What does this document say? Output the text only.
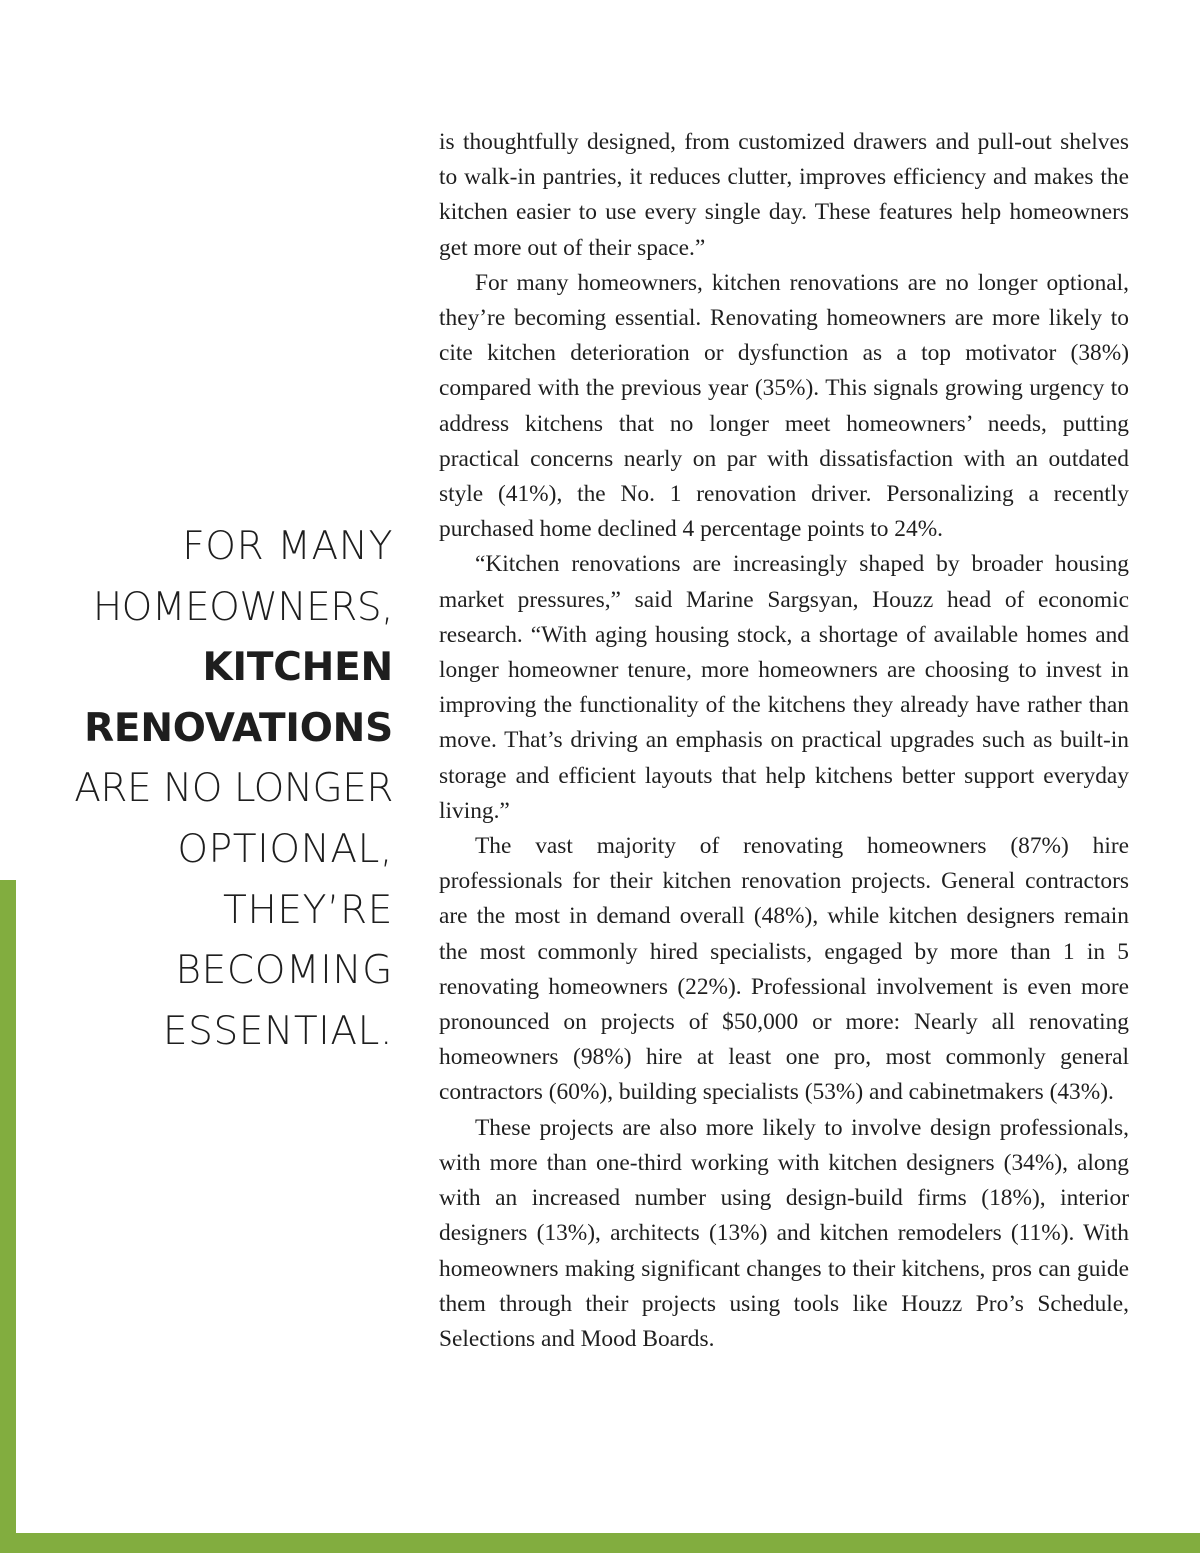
FOR MANY
HOMEOWNERS,
KITCHEN
RENOVATIONS
ARE NO LONGER
OPTIONAL,
THEY’RE
BECOMING
ESSENTIAL.

is thoughtfully designed, from customized drawers and pull-out shelves to walk-in pantries, it reduces clutter, improves efficiency and makes the kitchen easier to use every single day. These features help homeowners get more out of their space.”

For many homeowners, kitchen renovations are no longer optional, they’re becoming essential. Renovating homeowners are more likely to cite kitchen deterioration or dysfunction as a top motivator (38%) compared with the previous year (35%). This signals growing urgency to address kitchens that no longer meet homeowners’ needs, putting practical concerns nearly on par with dissatisfaction with an outdated style (41%), the No. 1 renovation driver. Personalizing a recently purchased home declined 4 percentage points to 24%.

“Kitchen renovations are increasingly shaped by broader housing market pressures,” said Marine Sargsyan, Houzz head of economic research. “With aging housing stock, a shortage of available homes and longer homeowner tenure, more homeowners are choosing to invest in improving the functionality of the kitchens they already have rather than move. That’s driving an emphasis on practical upgrades such as built-in storage and efficient layouts that help kitchens better support everyday living.”

The vast majority of renovating homeowners (87%) hire professionals for their kitchen renovation projects. General contractors are the most in demand overall (48%), while kitchen designers remain the most commonly hired specialists, engaged by more than 1 in 5 renovating homeowners (22%). Professional involvement is even more pronounced on projects of $50,000 or more: Nearly all renovating homeowners (98%) hire at least one pro, most commonly general contractors (60%), building specialists (53%) and cabinetmakers (43%).

These projects are also more likely to involve design professionals, with more than one-third working with kitchen designers (34%), along with an increased number using design-build firms (18%), interior designers (13%), architects (13%) and kitchen remodelers (11%). With homeowners making significant changes to their kitchens, pros can guide them through their projects using tools like Houzz Pro’s Schedule, Selections and Mood Boards.
